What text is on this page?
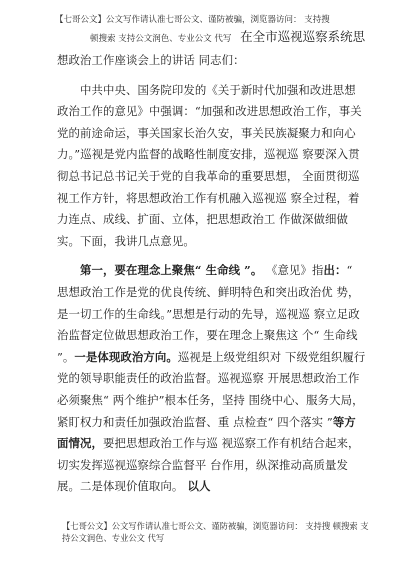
【七哥公文】公文写作请认准七哥公文、谨防被骗，浏览器访问： 支持搜
顿搜索 支持公文润色、专业公文 代写 在全市巡视巡察系统思

想政治工作座谈会上的讲话 同志们：

中共中央、国务院印发的《关于新时代加强和改进思想政治工作的意见》中强调：“加强和改进思想政治工作，事关党的前途命运，事关国家长治久安，事关民族凝聚力和向心力。”巡视是党内监督的战略性制度安排，巡视巡 察要深入贯彻总书记总书记关于党的自我革命的重要思想， 全面贯彻巡视工作方针，将思想政治工作有机融入巡视巡 察全过程，着力连点、成线、扩面、立体，把思想政治工 作做深做细做实。下面，我讲几点意见。

第一，要在理念上聚焦“ 生命线 ”。 《意见》指出：“ 思想政治工作是党的优良传统、鲜明特色和突出政治优 势，是一切工作的生命线。”思想是行动的先导，巡视巡 察立足政治监督定位做思想政治工作，要在理念上聚焦这 个“ 生命线 ”。一是体现政治方向。巡视是上级党组织对 下级党组织履行党的领导职能责任的政治监督。巡视巡察 开展思想政治工作必须聚焦“ 两个维护”根本任务，坚持 围绕中心、服务大局，紧盯权力和责任加强政治监督、重 点检查“ 四个落实 ”等方面情况，要把思想政治工作与巡 视巡察工作有机结合起来，切实发挥巡视巡察综合监督平 台作用，纵深推动高质量发展。二是体现价值取向。 以人

【七哥公文】公文写作请认准七哥公文、谨防被骗，浏览器访问： 支持搜 顿搜索 支持公文润色、专业公文 代写
